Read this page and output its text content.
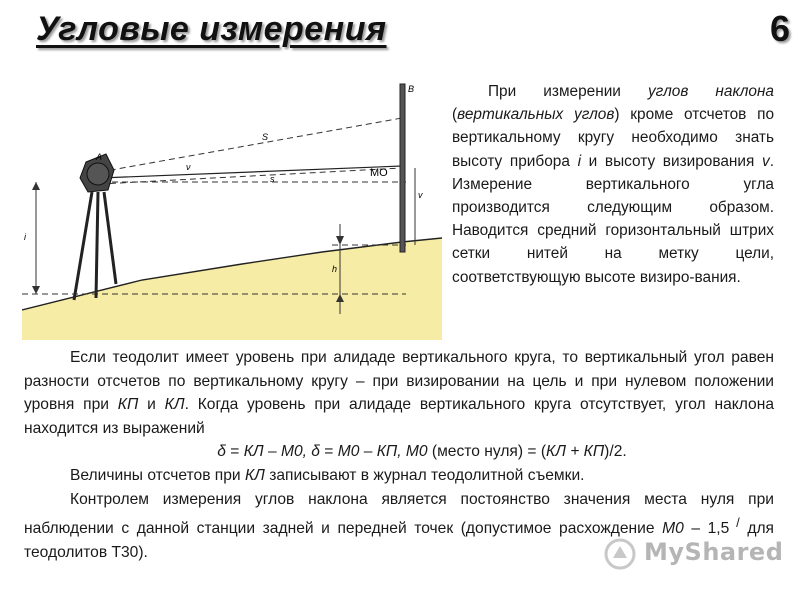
Угловые измерения	6
B
v
МО
A
i
h
S
s
ν

При измерении углов наклона (вертикальных углов) кроме отсчетов по вертикальному кругу необходимо знать высоту прибора i и высоту визирования v. Измерение вертикального угла производится следующим образом. Наводится средний горизонтальный штрих сетки нитей на метку цели, соответствующую высоте визиро-вания.

Если теодолит имеет уровень при алидаде вертикального круга, то вертикальный угол равен разности отсчетов по вертикальному кругу – при визировании на цель и при нулевом положении уровня при КП и КЛ. Когда уровень при алидаде вертикального круга отсутствует, угол наклона находится из выражений

δ = КЛ – М0, δ = М0 – КП, М0 (место нуля) = (КЛ + КП)/2.

Величины отсчетов при КЛ записывают в журнал теодолитной съемки.

Контролем измерения углов наклона является постоянство значения места нуля при наблюдении с данной станции задней и передней точек (допустимое расхождение М0 – 1,5 / для теодолитов Т30).	MyShared
